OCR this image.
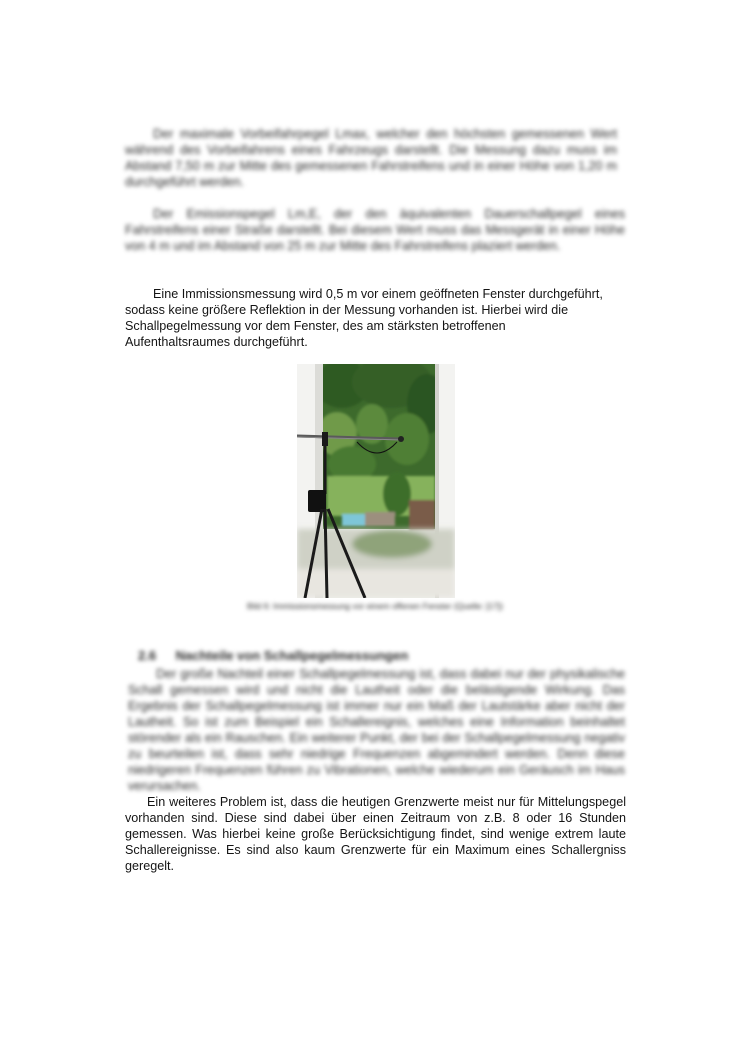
Der maximale Vorbeifahrpegel Lmax, welcher den höchsten gemessenen Wert während des Vorbeifahrens eines Fahrzeugs darstellt. Die Messung dazu muss im Abstand 7,50 m zur Mitte des gemessenen Fahrstreifens und in einer Höhe von 1,20 m durchgeführt werden.

Der Emissionspegel Lm,E, der den äquivalenten Dauerschallpegel eines Fahrstreifens einer Straße darstellt. Bei diesem Wert muss das Messgerät in einer Höhe von 4 m und im Abstand von 25 m zur Mitte des Fahrstreifens plaziert werden.

Eine Immissionsmessung wird 0,5 m vor einem geöffneten Fenster durchgeführt, sodass keine größere Reflektion in der Messung vorhanden ist. Hierbei wird die Schallpegelmessung vor dem Fenster, des am stärksten betroffenen Aufenthaltsraumes durchgeführt.

Bild 6: Immissionsmessung vor einem offenen Fenster (Quelle: [17])
2.6 Nachteile von Schallpegelmessungen

Der große Nachteil einer Schallpegelmessung ist, dass dabei nur der physikalische Schall gemessen wird und nicht die Lautheit oder die belästigende Wirkung. Das Ergebnis der Schallpegelmessung ist immer nur ein Maß der Lautstärke aber nicht der Lautheit. So ist zum Beispiel ein Schallereignis, welches eine Information beinhaltet störender als ein Rauschen. Ein weiterer Punkt, der bei der Schallpegelmessung negativ zu beurteilen ist, dass sehr niedrige Frequenzen abgemindert werden. Denn diese niedrigeren Frequenzen führen zu Vibrationen, welche wiederum ein Geräusch im Haus verursachen.

Ein weiteres Problem ist, dass die heutigen Grenzwerte meist nur für Mittelungspegel vorhanden sind. Diese sind dabei über einen Zeitraum von z.B. 8 oder 16 Stunden gemessen. Was hierbei keine große Berücksichtigung findet, sind wenige extrem laute Schallereignisse. Es sind also kaum Grenzwerte für ein Maximum eines Schallergniss geregelt.
